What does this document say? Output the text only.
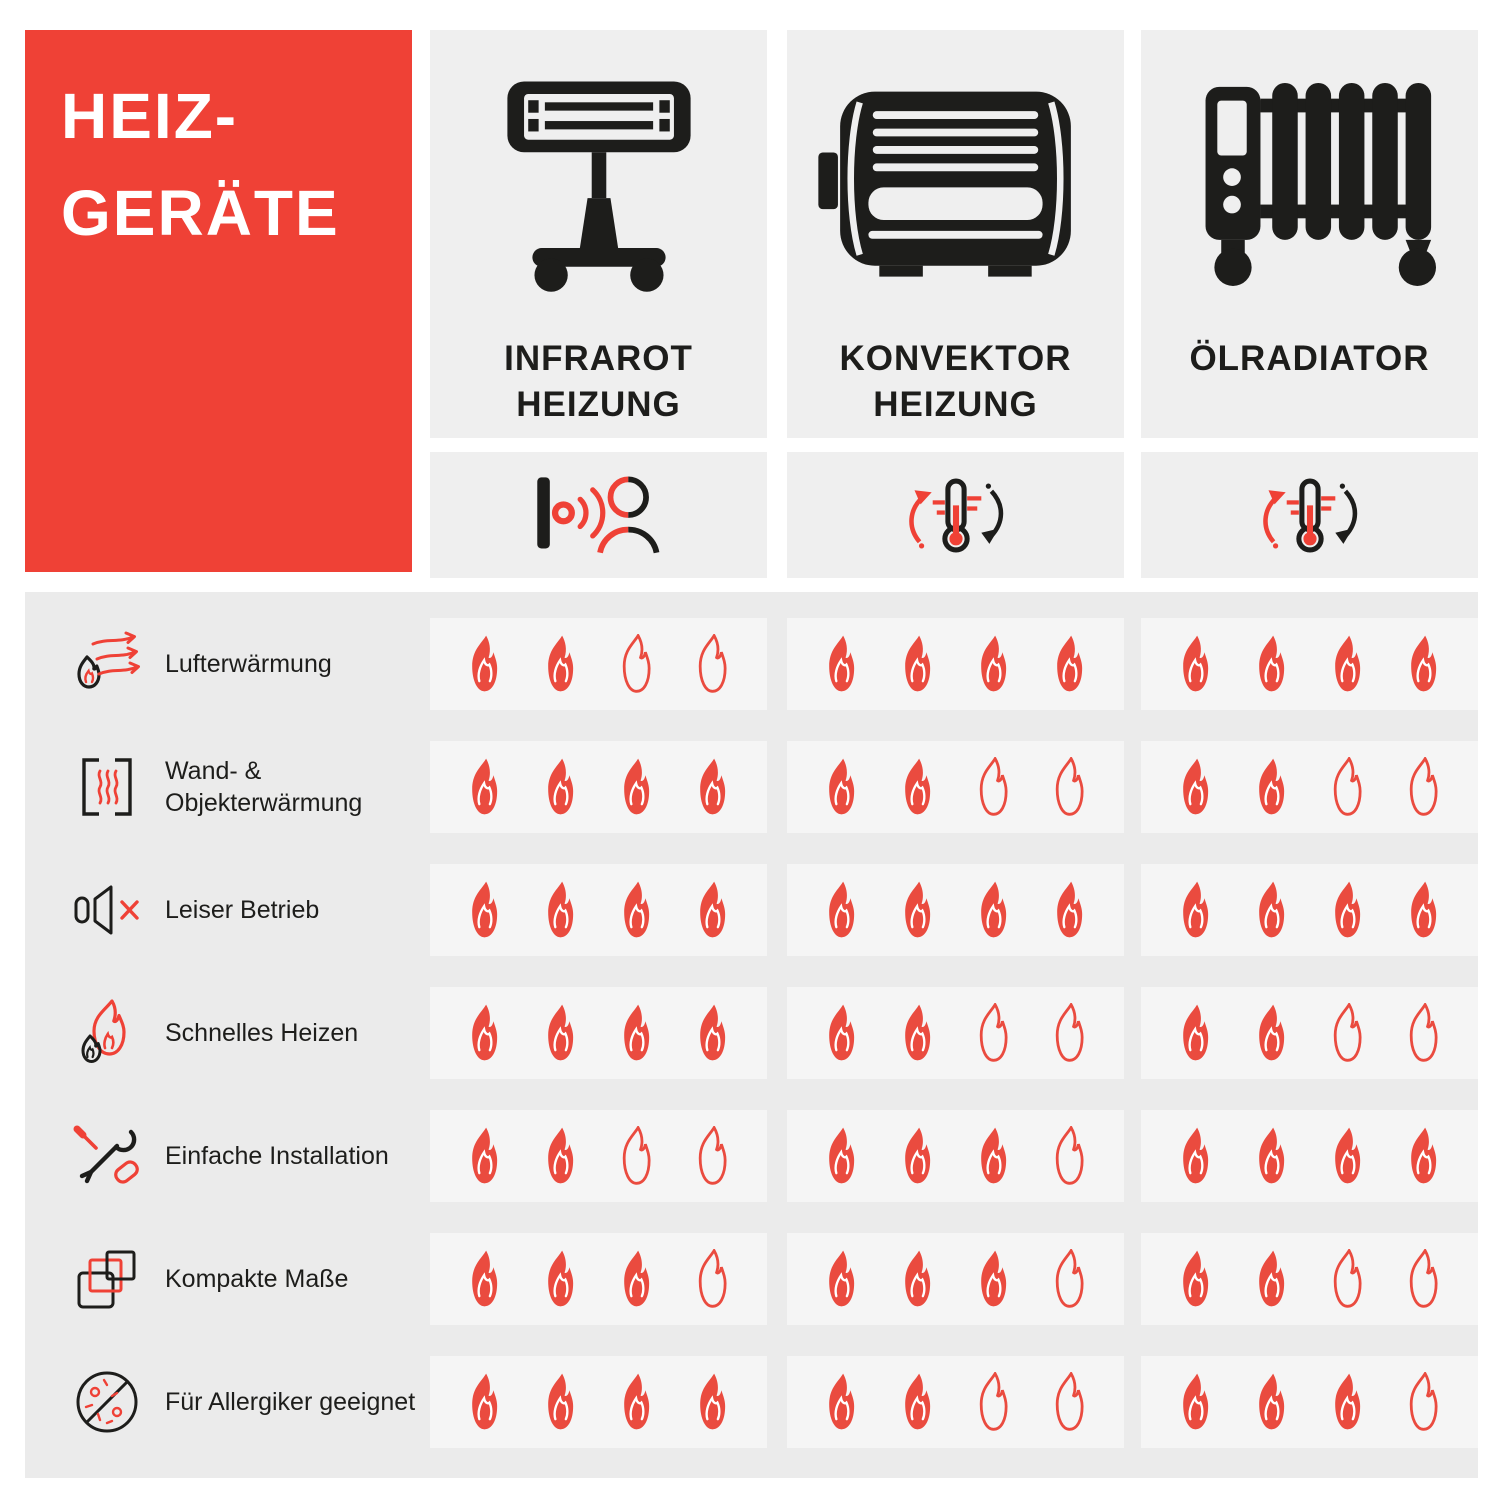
HEIZ-
GERÄTE
INFRAROT
HEIZUNG
KONVEKTOR
HEIZUNG
ÖLRADIATOR
Lufterwärmung
Wand- & Objekterwärmung
Leiser Betrieb
Schnelles Heizen
Einfache Installation
Kompakte Maße
Für Allergiker geeignet
